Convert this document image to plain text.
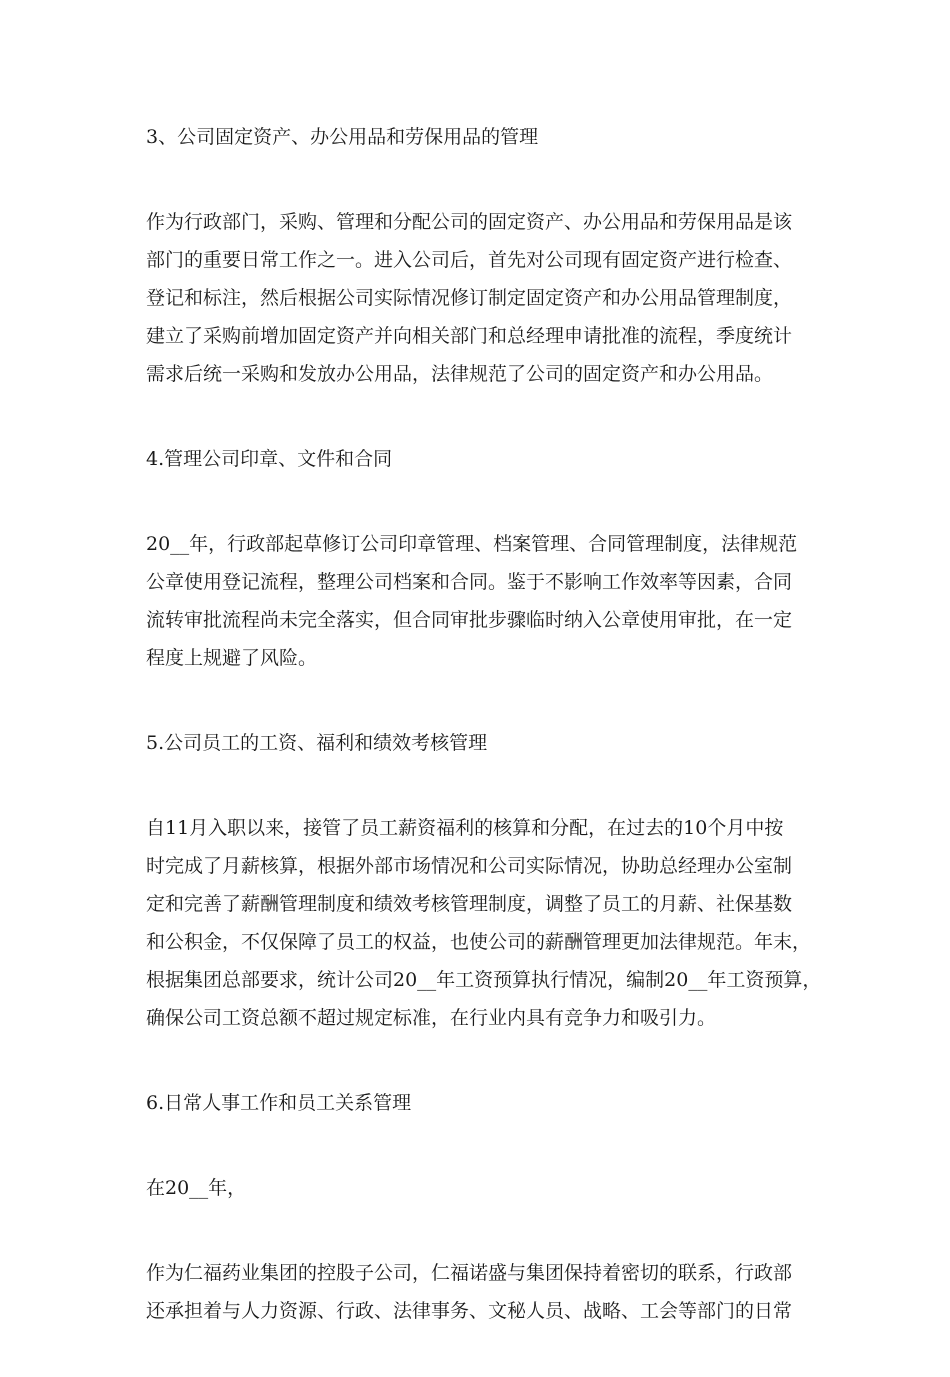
3、公司固定资产、办公用品和劳保用品的管理
作为行政部门，采购、管理和分配公司的固定资产、办公用品和劳保用品是该
部门的重要日常工作之一。进入公司后，首先对公司现有固定资产进行检查、
登记和标注，然后根据公司实际情况修订制定固定资产和办公用品管理制度，
建立了采购前增加固定资产并向相关部门和总经理申请批准的流程，季度统计
需求后统一采购和发放办公用品，法律规范了公司的固定资产和办公用品。
4.管理公司印章、文件和合同
20__年，行政部起草修订公司印章管理、档案管理、合同管理制度，法律规范
公章使用登记流程，整理公司档案和合同。鉴于不影响工作效率等因素，合同
流转审批流程尚未完全落实，但合同审批步骤临时纳入公章使用审批，在一定
程度上规避了风险。
5.公司员工的工资、福利和绩效考核管理
自11月入职以来，接管了员工薪资福利的核算和分配，在过去的10个月中按
时完成了月薪核算，根据外部市场情况和公司实际情况，协助总经理办公室制
定和完善了薪酬管理制度和绩效考核管理制度，调整了员工的月薪、社保基数
和公积金，不仅保障了员工的权益，也使公司的薪酬管理更加法律规范。年末，
根据集团总部要求，统计公司20__年工资预算执行情况，编制20__年工资预算，
确保公司工资总额不超过规定标准，在行业内具有竞争力和吸引力。
6.日常人事工作和员工关系管理
在20__年，
作为仁福药业集团的控股子公司，仁福诺盛与集团保持着密切的联系，行政部
还承担着与人力资源、行政、法律事务、文秘人员、战略、工会等部门的日常
